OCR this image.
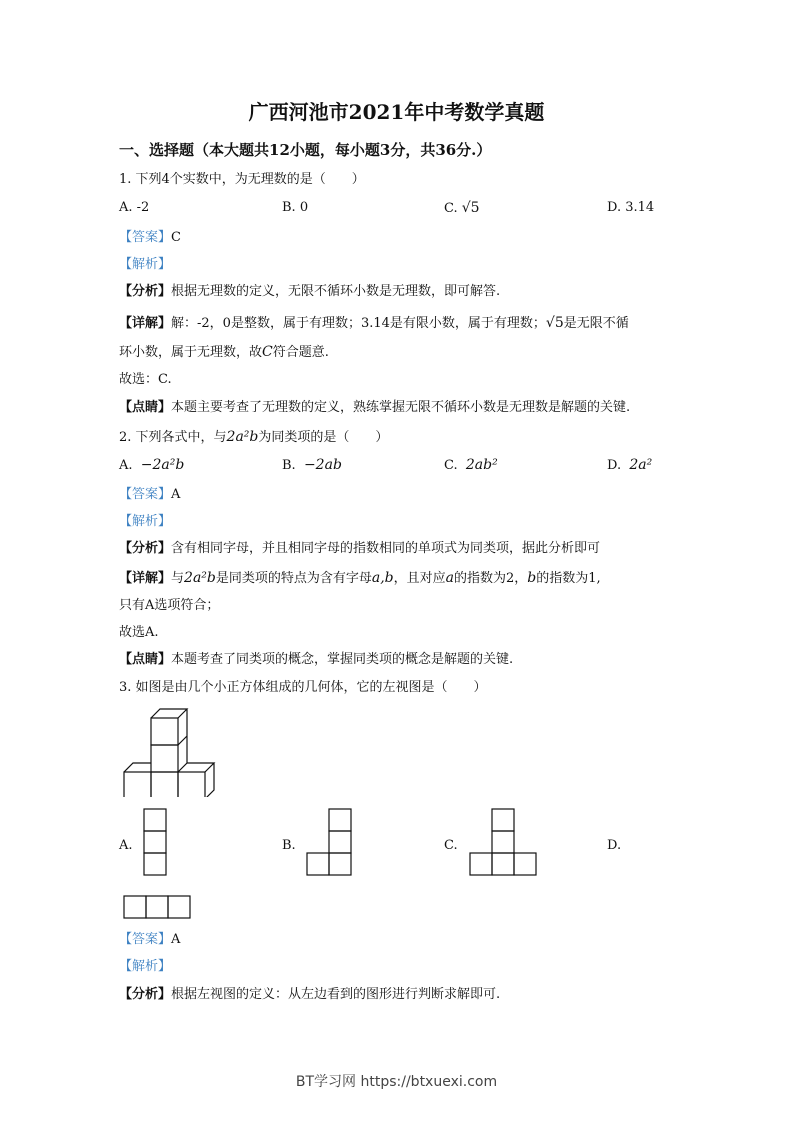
广西河池市2021年中考数学真题
一、选择题（本大题共12小题，每小题3分，共36分.）
1. 下列4个实数中，为无理数的是（　　）
A. -2	B. 0	C. √5	D. 3.14
【答案】C
【解析】
【分析】根据无理数的定义，无限不循环小数是无理数，即可解答.
【详解】解：-2，0是整数，属于有理数；3.14是有限小数，属于有理数；√5是无限不循
环小数，属于无理数，故C符合题意.
故选：C.
【点睛】本题主要考查了无理数的定义，熟练掌握无限不循环小数是无理数是解题的关键.
2. 下列各式中，与2a²b为同类项的是（　　）
A. −2a²b	B. −2ab	C. 2ab²	D. 2a²
【答案】A
【解析】
【分析】含有相同字母，并且相同字母的指数相同的单项式为同类项，据此分析即可
【详解】与2a²b是同类项的特点为含有字母a,b，且对应a的指数为2，b的指数为1,
只有A选项符合；
故选A.
【点睛】本题考查了同类项的概念，掌握同类项的概念是解题的关键.
3. 如图是由几个小正方体组成的几何体，它的左视图是（　　）
A.	B.	C.	D.
【答案】A
【解析】
【分析】根据左视图的定义：从左边看到的图形进行判断求解即可.
BT学习网 https://btxuexi.com
